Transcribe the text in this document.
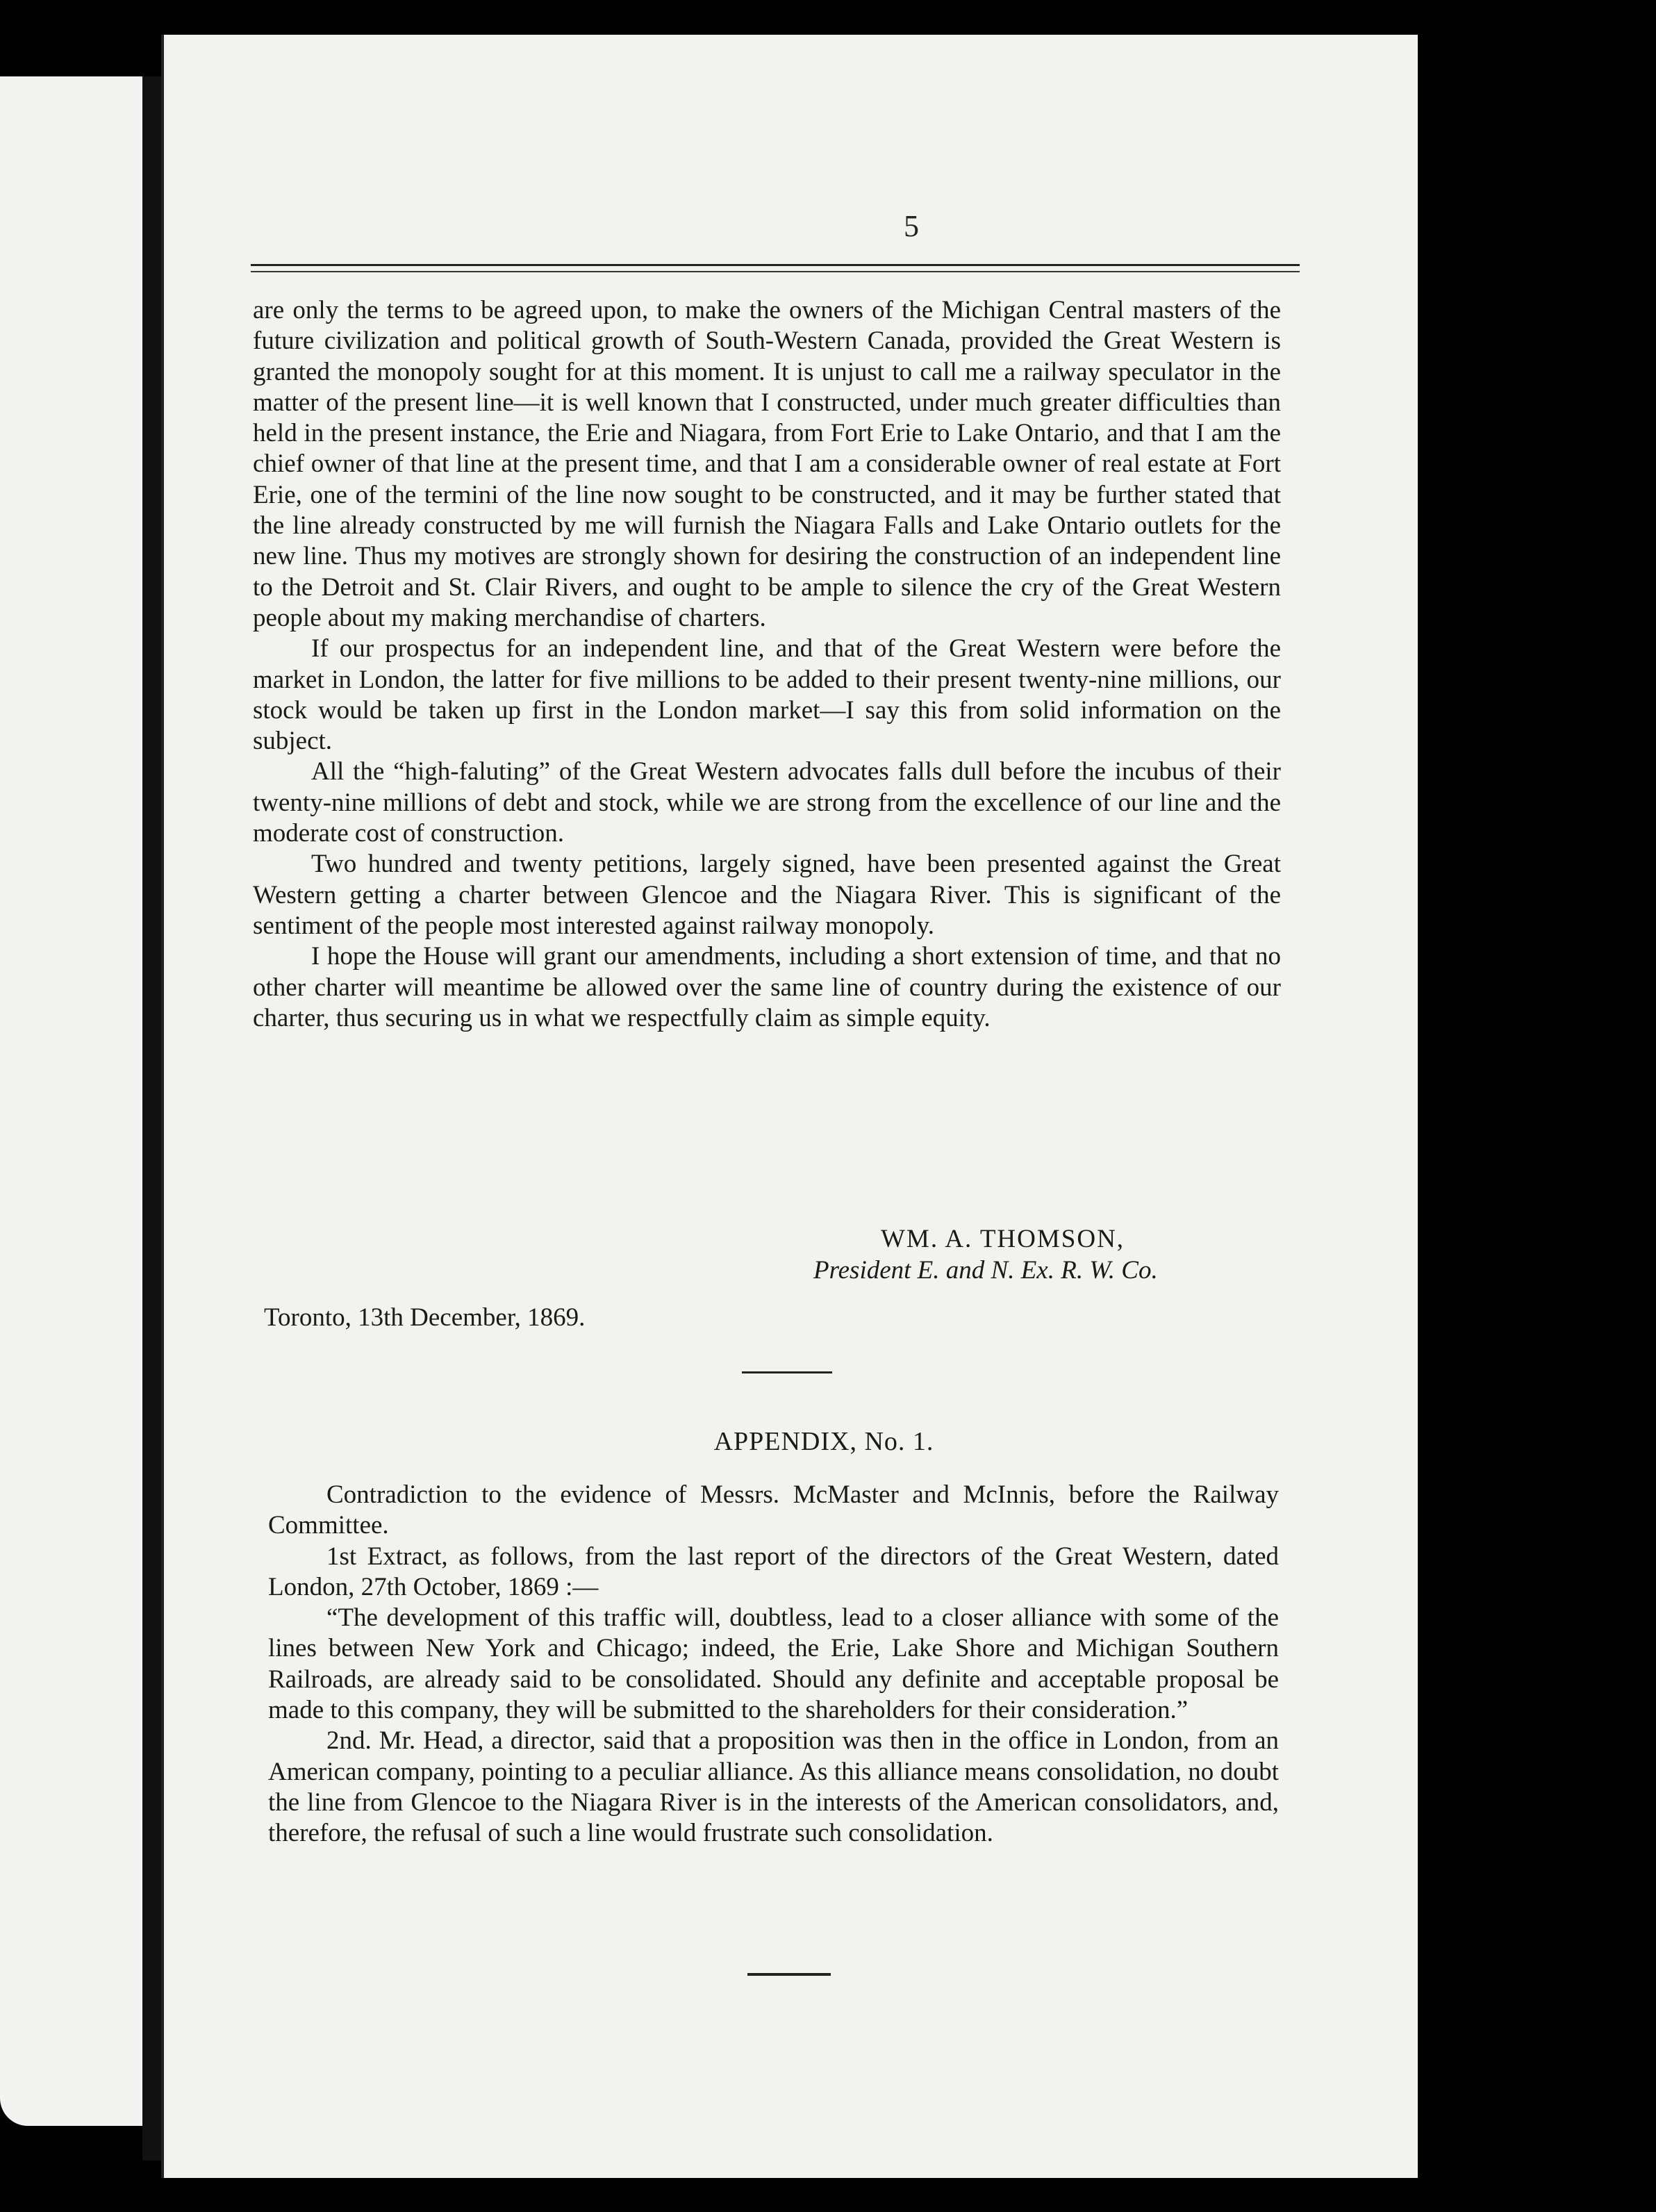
5

are only the terms to be agreed upon, to make the owners of the Michigan Central masters of the future civilization and political growth of South-Western Canada, provided the Great Western is granted the monopoly sought for at this moment. It is unjust to call me a railway speculator in the matter of the present line—it is well known that I constructed, under much greater difficulties than held in the present instance, the Erie and Niagara, from Fort Erie to Lake Ontario, and that I am the chief owner of that line at the present time, and that I am a considerable owner of real estate at Fort Erie, one of the termini of the line now sought to be constructed, and it may be further stated that the line already constructed by me will furnish the Niagara Falls and Lake Ontario outlets for the new line. Thus my motives are strongly shown for desiring the construction of an independent line to the Detroit and St. Clair Rivers, and ought to be ample to silence the cry of the Great Western people about my making merchandise of charters.

If our prospectus for an independent line, and that of the Great Western were before the market in London, the latter for five millions to be added to their present twenty-nine millions, our stock would be taken up first in the London market—I say this from solid information on the subject.

All the “high-faluting” of the Great Western advocates falls dull before the incubus of their twenty-nine millions of debt and stock, while we are strong from the excellence of our line and the moderate cost of construction.

Two hundred and twenty petitions, largely signed, have been presented against the Great Western getting a charter between Glencoe and the Niagara River. This is significant of the sentiment of the people most interested against railway monopoly.

I hope the House will grant our amendments, including a short extension of time, and that no other charter will meantime be allowed over the same line of country during the existence of our charter, thus securing us in what we respectfully claim as simple equity.

WM. A. THOMSON,
President E. and N. Ex. R. W. Co.
Toronto, 13th December, 1869.
APPENDIX, No. 1.

Contradiction to the evidence of Messrs. McMaster and McInnis, before the Railway Committee.

1st Extract, as follows, from the last report of the directors of the Great Western, dated London, 27th October, 1869 :—

“The development of this traffic will, doubtless, lead to a closer alliance with some of the lines between New York and Chicago; indeed, the Erie, Lake Shore and Michigan Southern Railroads, are already said to be consolidated. Should any definite and acceptable proposal be made to this company, they will be submitted to the shareholders for their consideration.”

2nd. Mr. Head, a director, said that a proposition was then in the office in London, from an American company, pointing to a peculiar alliance. As this alliance means consolidation, no doubt the line from Glencoe to the Niagara River is in the interests of the American consolidators, and, therefore, the refusal of such a line would frustrate such consolidation.
